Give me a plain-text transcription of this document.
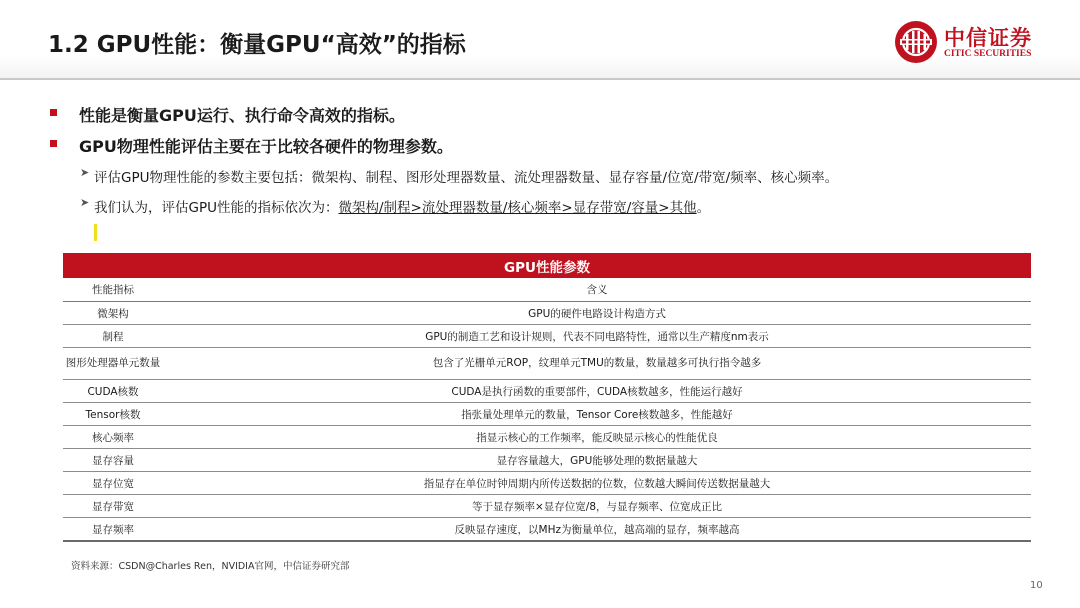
1.2 GPU性能：衡量GPU“高效”的指标	中信证券
CITIC SECURITIES
性能是衡量GPU运行、执行命令高效的指标。
GPU物理性能评估主要在于比较各硬件的物理参数。
➤ 评估GPU物理性能的参数主要包括：微架构、制程、图形处理器数量、流处理器数量、显存容量/位宽/带宽/频率、核心频率。
➤ 我们认为，评估GPU性能的指标依次为：微架构/制程>流处理器数量/核心频率>显存带宽/容量>其他。
GPU性能参数	
性能指标	含义
微架构	GPU的硬件电路设计构造方式
制程	GPU的制造工艺和设计规则，代表不同电路特性，通常以生产精度nm表示
图形处理器单元数量	包含了光栅单元ROP，纹理单元TMU的数量，数量越多可执行指令越多
CUDA核数	CUDA是执行函数的重要部件，CUDA核数越多，性能运行越好
Tensor核数	指张量处理单元的数量，Tensor Core核数越多，性能越好
核心频率	指显示核心的工作频率，能反映显示核心的性能优良
显存容量	显存容量越大，GPU能够处理的数据量越大
显存位宽	指显存在单位时钟周期内所传送数据的位数，位数越大瞬间传送数据量越大
显存带宽	等于显存频率×显存位宽/8，与显存频率、位宽成正比
显存频率	反映显存速度，以MHz为衡量单位，越高端的显存，频率越高
资料来源：CSDN@Charles Ren，NVIDIA官网，中信证券研究部
10
